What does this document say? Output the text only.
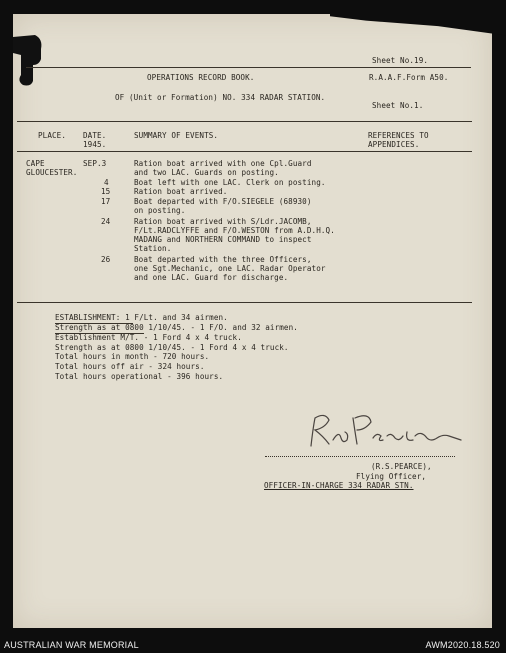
Sheet No.19.
OPERATIONS RECORD BOOK.	R.A.A.F.Form A50.
OF (Unit or Formation) NO. 334 RADAR STATION.
Sheet No.1.
PLACE. DATE.
1945.
SUMMARY OF EVENTS.	REFERENCES TO
APPENDICES.
CAPE
GLOUCESTER.
SEP.3	Ration boat arrived with one Cpl.Guard
and two LAC. Guards on posting.
4	Boat left with one LAC. Clerk on posting.
15	Ration boat arrived.
17	Boat departed with F/O.SIEGELE (68930)
on posting.
24	Ration boat arrived with S/Ldr.JACOMB,
F/Lt.RADCLYFFE and F/O.WESTON from A.D.H.Q.
MADANG and NORTHERN COMMAND to inspect
Station.
26	Boat departed with the three Officers,
one Sgt.Mechanic, one LAC. Radar Operator
and one LAC. Guard for discharge.
ESTABLISHMENT: 1 F/Lt. and 34 airmen.
Strength as at 0800 1/10/45. - 1 F/O. and 32 airmen.
Establishment M/T. - 1 Ford 4 x 4 truck.
Strength as at 0800 1/10/45. - 1 Ford 4 x 4 truck.
Total hours in month - 720 hours.
Total hours off air - 324 hours.
Total hours operational - 396 hours.
(R.S.PEARCE),
Flying Officer,
OFFICER-IN-CHARGE 334 RADAR STN.
AUSTRALIAN WAR MEMORIAL	AWM2020.18.520
